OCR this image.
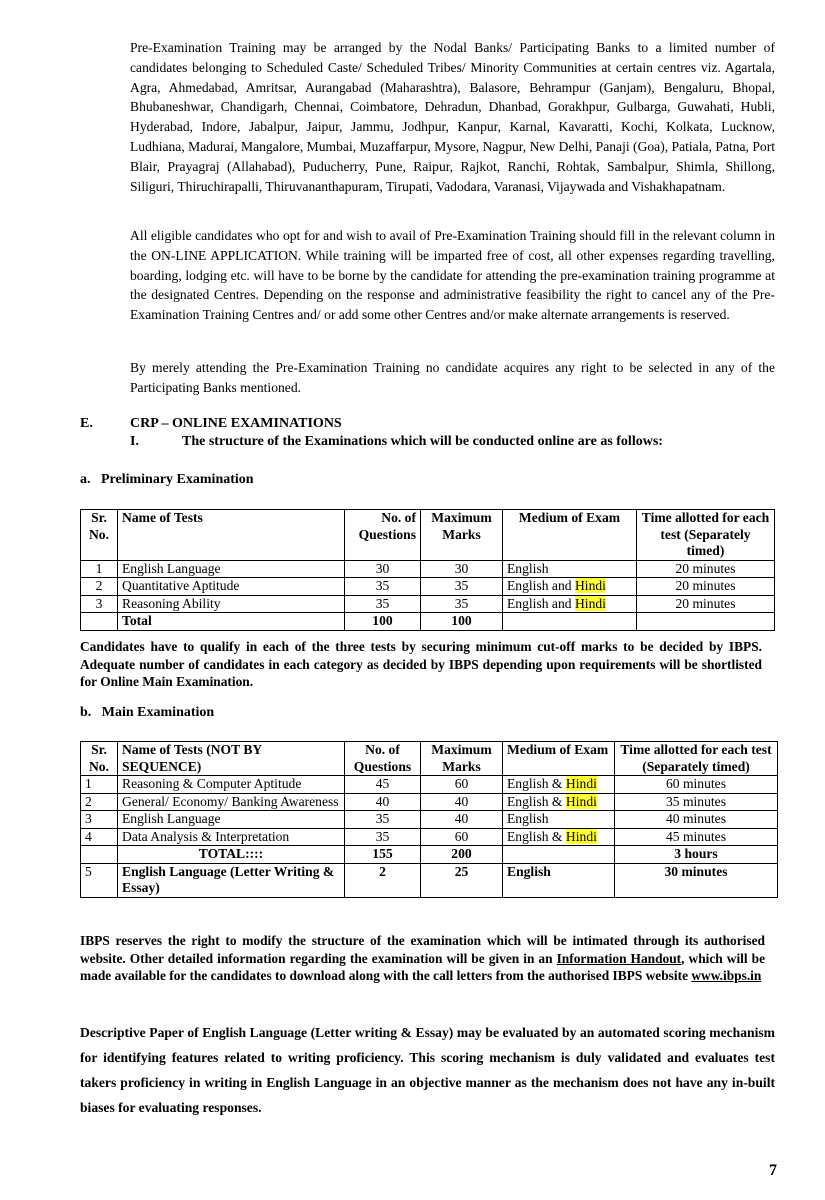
Pre-Examination Training may be arranged by the Nodal Banks/ Participating Banks to a limited number of candidates belonging to Scheduled Caste/ Scheduled Tribes/ Minority Communities at certain centres viz. Agartala, Agra, Ahmedabad, Amritsar, Aurangabad (Maharashtra), Balasore, Behrampur (Ganjam), Bengaluru, Bhopal, Bhubaneshwar, Chandigarh, Chennai, Coimbatore, Dehradun, Dhanbad, Gorakhpur, Gulbarga, Guwahati, Hubli, Hyderabad, Indore, Jabalpur, Jaipur, Jammu, Jodhpur, Kanpur, Karnal, Kavaratti, Kochi, Kolkata, Lucknow, Ludhiana, Madurai, Mangalore, Mumbai, Muzaffarpur, Mysore, Nagpur, New Delhi, Panaji (Goa), Patiala, Patna, Port Blair, Prayagraj (Allahabad), Puducherry, Pune, Raipur, Rajkot, Ranchi, Rohtak, Sambalpur, Shimla, Shillong, Siliguri, Thiruchirapalli, Thiruvananthapuram, Tirupati, Vadodara, Varanasi, Vijaywada and Vishakhapatnam.

All eligible candidates who opt for and wish to avail of Pre-Examination Training should fill in the relevant column in the ON-LINE APPLICATION. While training will be imparted free of cost, all other expenses regarding travelling, boarding, lodging etc. will have to be borne by the candidate for attending the pre-examination training programme at the designated Centres. Depending on the response and administrative feasibility the right to cancel any of the Pre- Examination Training Centres and/ or add some other Centres and/or make alternate arrangements is reserved.

By merely attending the Pre-Examination Training no candidate acquires any right to be selected in any of the Participating Banks mentioned.

E.	CRP – ONLINE EXAMINATIONS
I.	The structure of the Examinations which will be conducted online are as follows:
a.   Preliminary Examination
Sr. No.	Name of Tests	No. of Questions	Maximum Marks	Medium of Exam	Time allotted for each test (Separately timed)
1	English Language	30	30	English	20 minutes
2	Quantitative Aptitude	35	35	English and Hindi	20 minutes
3	Reasoning Ability	35	35	English and Hindi	20 minutes
	Total	100	100		

Candidates have to qualify in each of the three tests by securing minimum cut-off marks to be decided by IBPS. Adequate number of candidates in each category as decided by IBPS depending upon requirements will be shortlisted for Online Main Examination.

b.   Main Examination
Sr. No.	Name of Tests (NOT BY SEQUENCE)	No. of Questions	Maximum Marks	Medium of Exam	Time allotted for each test (Separately timed)
1	Reasoning & Computer Aptitude	45	60	English & Hindi	60 minutes
2	General/ Economy/ Banking Awareness	40	40	English & Hindi	35 minutes
3	English Language	35	40	English	40 minutes
4	Data Analysis & Interpretation	35	60	English & Hindi	45 minutes
	TOTAL::::	155	200		3 hours
5	English Language (Letter Writing & Essay)	2	25	English	30 minutes

IBPS reserves the right to modify the structure of the examination which will be intimated through its authorised website. Other detailed information regarding the examination will be given in an Information Handout, which will be made available for the candidates to download along with the call letters from the authorised IBPS website www.ibps.in

Descriptive Paper of English Language (Letter writing & Essay) may be evaluated by an automated scoring mechanism for identifying features related to writing proficiency. This scoring mechanism is duly validated and evaluates test takers proficiency in writing in English Language in an objective manner as the mechanism does not have any in-built biases for evaluating responses.

7
